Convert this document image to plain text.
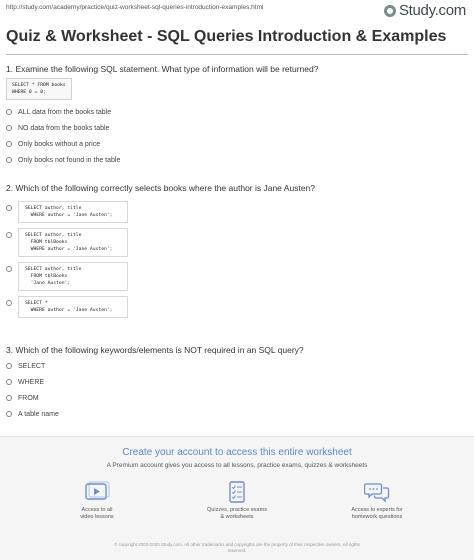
http://study.com/academy/practice/quiz-worksheet-sql-queries-introduction-examples.html	Study.com
Quiz & Worksheet - SQL Queries Introduction & Examples

1. Examine the following SQL statement. What type of information will be returned?

SELECT * FROM books
WHERE 0 = 0;
ALL data from the books table
NO data from the books table
Only books without a price
Only books not found in the table

2. Which of the following correctly selects books where the author is Jane Austen?

SELECT author, title
WHERE author = 'Jane Austen';
SELECT author, title
FROM tblBooks
WHERE author = 'Jane Austen';
SELECT author, title
FROM tblBooks
'Jane Austen';
SELECT *
WHERE author = 'Jane Austen';

3. Which of the following keywords/elements is NOT required in an SQL query?

SELECT
WHERE
FROM
A table name
Create your account to access this entire worksheet
A Premium account gives you access to all lessons, practice exams, quizzes & worksheets
Access to all
video lessons
Quizzes, practice exams
& worksheets
Access to experts for
homework questions
© copyright 2003-2020 Study.com. All other trademarks and copyrights are the property of their respective owners. All rights
reserved.
